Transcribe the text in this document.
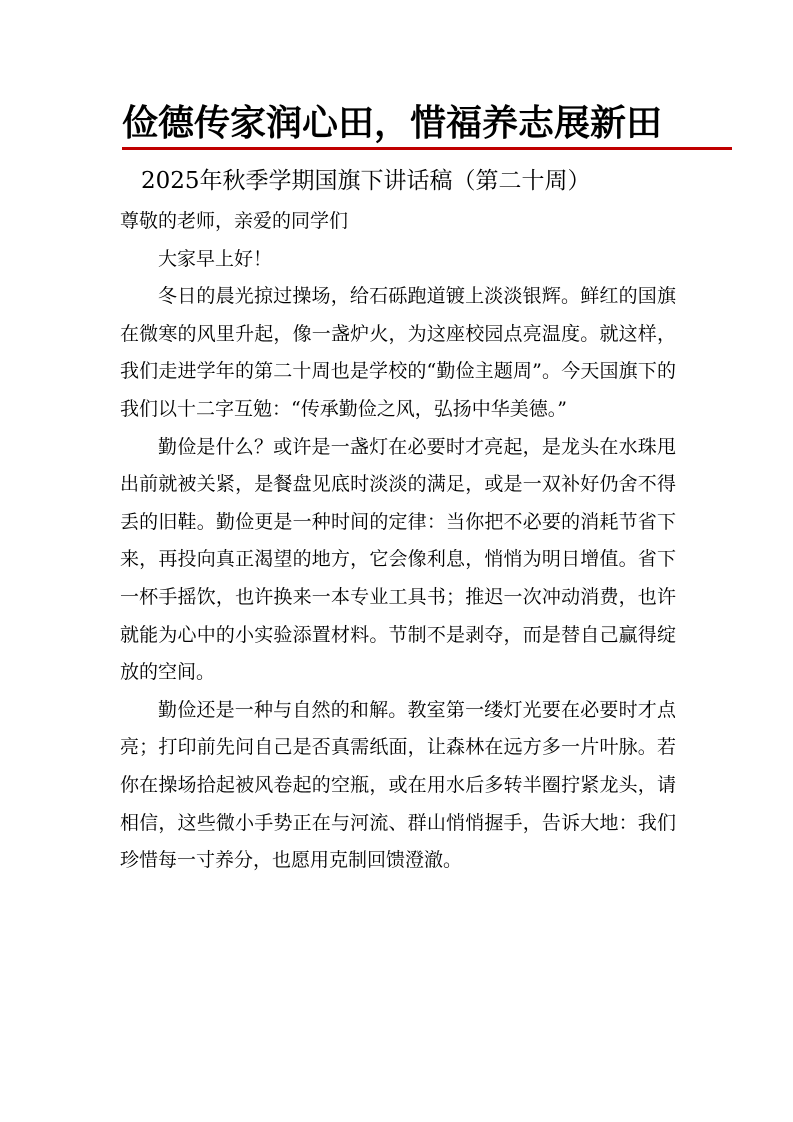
俭德传家润心田，惜福养志展新田
2025年秋季学期国旗下讲话稿（第二十周）

尊敬的老师，亲爱的同学们

大家早上好！

冬日的晨光掠过操场，给石砾跑道镀上淡淡银辉。鲜红的国旗在微寒的风里升起，像一盏炉火，为这座校园点亮温度。就这样，我们走进学年的第二十周也是学校的“勤俭主题周”。今天国旗下的我们以十二字互勉：“传承勤俭之风，弘扬中华美德。”

勤俭是什么？或许是一盏灯在必要时才亮起，是龙头在水珠甩出前就被关紧，是餐盘见底时淡淡的满足，或是一双补好仍舍不得丢的旧鞋。勤俭更是一种时间的定律：当你把不必要的消耗节省下来，再投向真正渴望的地方，它会像利息，悄悄为明日增值。省下一杯手摇饮，也许换来一本专业工具书；推迟一次冲动消费，也许就能为心中的小实验添置材料。节制不是剥夺，而是替自己赢得绽放的空间。

勤俭还是一种与自然的和解。教室第一缕灯光要在必要时才点亮；打印前先问自己是否真需纸面，让森林在远方多一片叶脉。若你在操场拾起被风卷起的空瓶，或在用水后多转半圈拧紧龙头，请相信，这些微小手势正在与河流、群山悄悄握手，告诉大地：我们珍惜每一寸养分，也愿用克制回馈澄澈。
